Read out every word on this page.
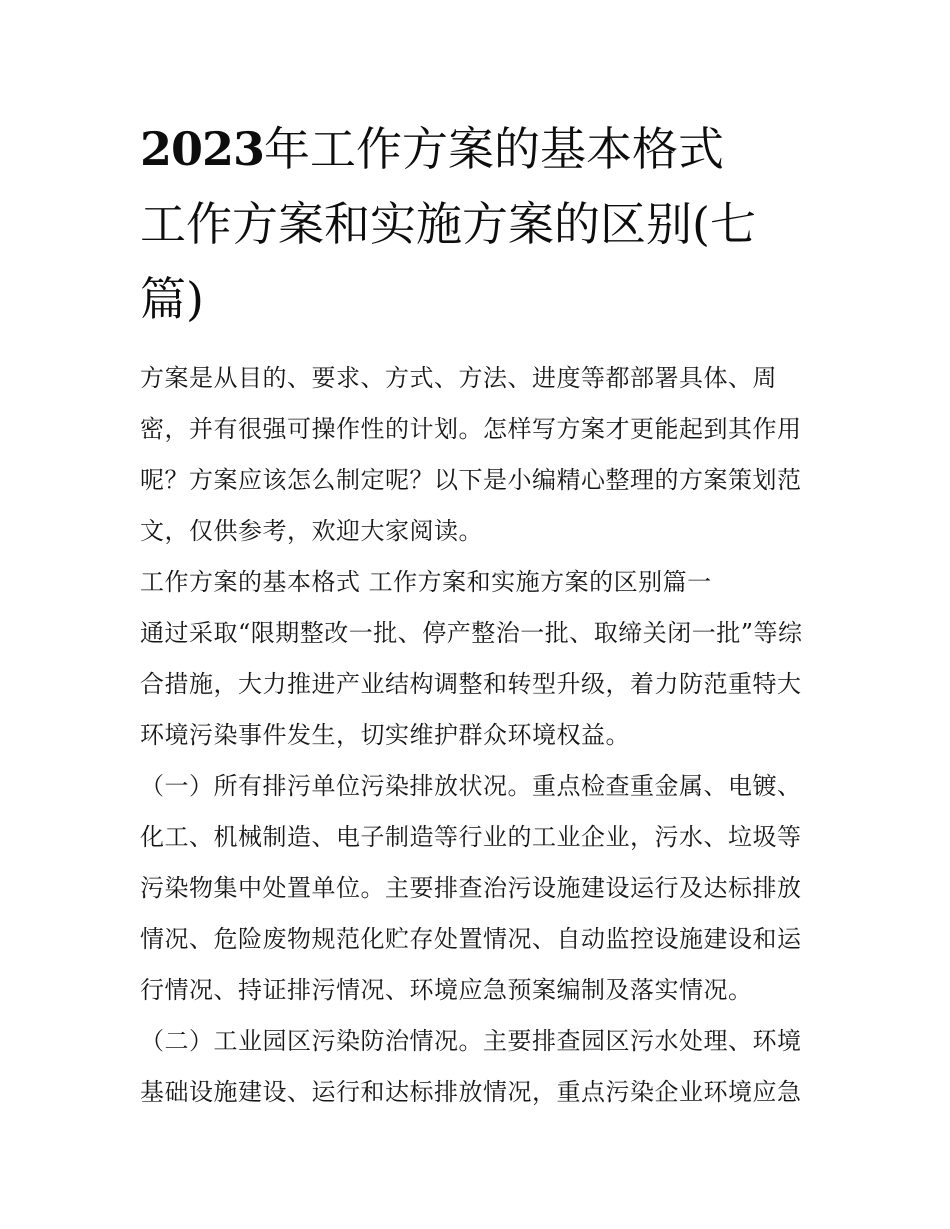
2023年工作方案的基本格式
工作方案和实施方案的区别(七
篇)

方案是从目的、要求、方式、方法、进度等都部署具体、周
密，并有很强可操作性的计划。怎样写方案才更能起到其作用
呢？方案应该怎么制定呢？以下是小编精心整理的方案策划范
文，仅供参考，欢迎大家阅读。

工作方案的基本格式 工作方案和实施方案的区别篇一

通过采取“限期整改一批、停产整治一批、取缔关闭一批”等综
合措施，大力推进产业结构调整和转型升级，着力防范重特大
环境污染事件发生，切实维护群众环境权益。

（一）所有排污单位污染排放状况。重点检查重金属、电镀、
化工、机械制造、电子制造等行业的工业企业，污水、垃圾等
污染物集中处置单位。主要排查治污设施建设运行及达标排放
情况、危险废物规范化贮存处置情况、自动监控设施建设和运
行情况、持证排污情况、环境应急预案编制及落实情况。

（二）工业园区污染防治情况。主要排查园区污水处理、环境
基础设施建设、运行和达标排放情况，重点污染企业环境应急
